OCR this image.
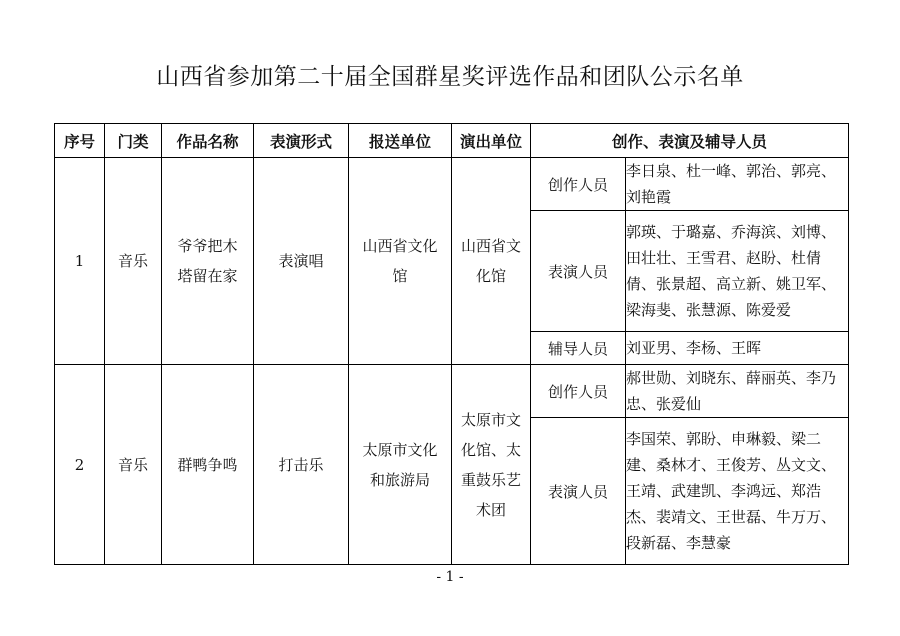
山西省参加第二十届全国群星奖评选作品和团队公示名单
序号	门类	作品名称	表演形式	报送单位	演出单位	创作、表演及辅导人员	
1	音乐	爷爷把木塔留在家	表演唱	山西省文化馆	山西省文化馆	创作人员	李日泉、杜一峰、郭治、郭亮、刘艳霞
						表演人员	郭瑛、于璐嘉、乔海滨、刘博、田壮壮、王雪君、赵盼、杜倩倩、张景超、高立新、姚卫军、梁海斐、张慧源、陈爱爱
						辅导人员	刘亚男、李杨、王晖
2	音乐	群鸭争鸣	打击乐	太原市文化和旅游局	太原市文化馆、太重鼓乐艺术团	创作人员	郝世勋、刘晓东、薛丽英、李乃忠、张爱仙
						表演人员	李国荣、郭盼、申琳毅、梁二建、桑林才、王俊芳、丛文文、王靖、武建凯、李鸿远、郑浩杰、裴靖文、王世磊、牛万万、段新磊、李慧豪
- 1 -
